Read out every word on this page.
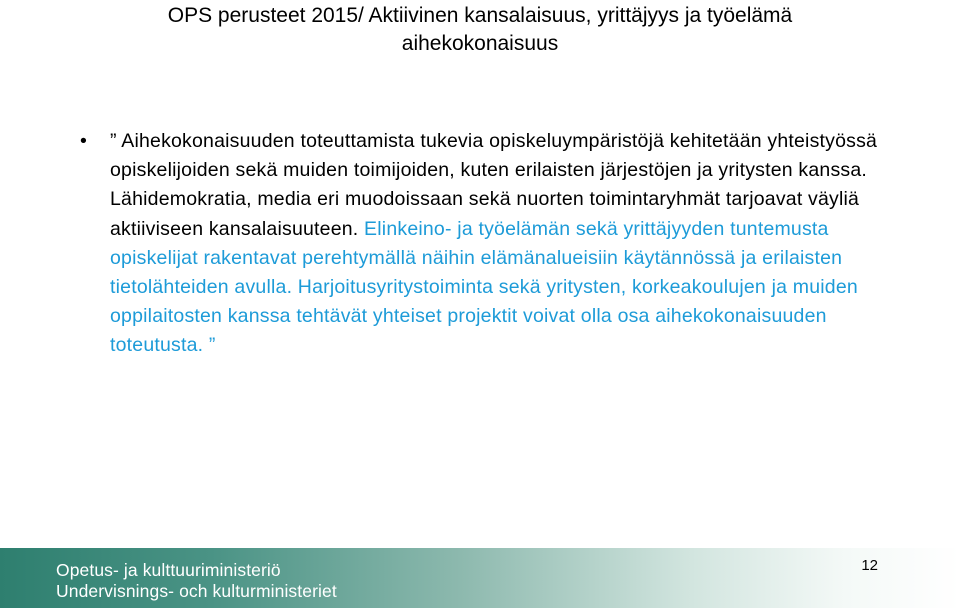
OPS perusteet 2015/ Aktiivinen kansalaisuus, yrittäjyys ja työelämä
aihekokonaisuus
• ” Aihekokonaisuuden toteuttamista tukevia opiskeluympäristöjä kehitetään yhteistyössä opiskelijoiden sekä muiden toimijoiden, kuten erilaisten järjestöjen ja yritysten kanssa. Lähidemokratia, media eri muodoissaan sekä nuorten toimintaryhmät tarjoavat väyliä aktiiviseen kansalaisuuteen. Elinkeino- ja työelämän sekä yrittäjyyden tuntemusta opiskelijat rakentavat perehtymällä näihin elämänalueisiin käytännössä ja erilaisten tietolähteiden avulla. Harjoitusyritystoiminta sekä yritysten, korkeakoulujen ja muiden oppilaitosten kanssa tehtävät yhteiset projektit voivat olla osa aihekokonaisuuden toteutusta. ”
Opetus- ja kulttuuriministeriö
Undervisnings- och kulturministeriet
12
